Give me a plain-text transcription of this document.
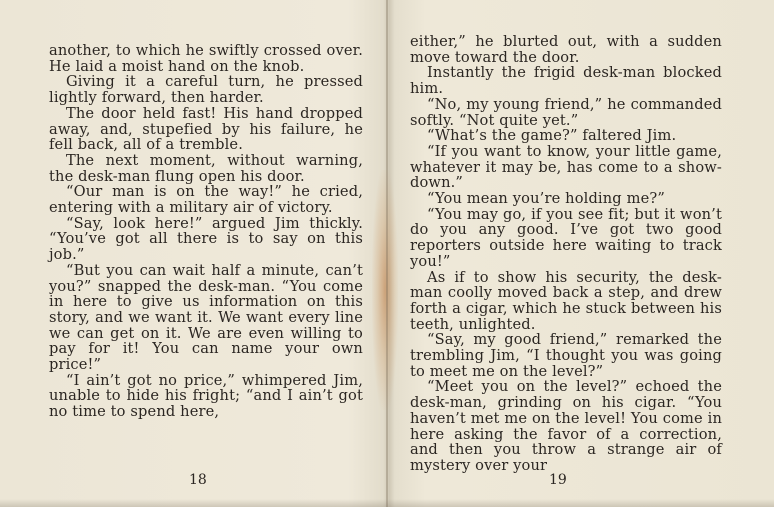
another, to which he swiftly crossed over. He laid a moist hand on the knob.

Giving it a careful turn, he pressed lightly forward, then harder.

The door held fast! His hand dropped away, and, stupefied by his failure, he fell back, all of a tremble.

The next moment, without warning, the desk-man flung open his door.

“Our man is on the way!” he cried, entering with a military air of victory.

“Say, look here!” argued Jim thickly. “You’ve got all there is to say on this job.”

“But you can wait half a minute, can’t you?” snapped the desk-man. “You come in here to give us information on this story, and we want it. We want every line we can get on it. We are even willing to pay for it! You can name your own price!”

“I ain’t got no price,” whimpered Jim, unable to hide his fright; “and I ain’t got no time to spend here,

18

either,” he blurted out, with a sudden move toward the door.

Instantly the frigid desk-man blocked him.

“No, my young friend,” he commanded softly. “Not quite yet.”

“What’s the game?” faltered Jim.

“If you want to know, your little game, whatever it may be, has come to a show-down.”

“You mean you’re holding me?”

“You may go, if you see fit; but it won’t do you any good. I’ve got two good reporters outside here waiting to track you!”

As if to show his security, the desk-man coolly moved back a step, and drew forth a cigar, which he stuck between his teeth, unlighted.

“Say, my good friend,” remarked the trembling Jim, “I thought you was going to meet me on the level?”

“Meet you on the level?” echoed the desk-man, grinding on his cigar. “You haven’t met me on the level! You come in here asking the favor of a correction, and then you throw a strange air of mystery over your

19
